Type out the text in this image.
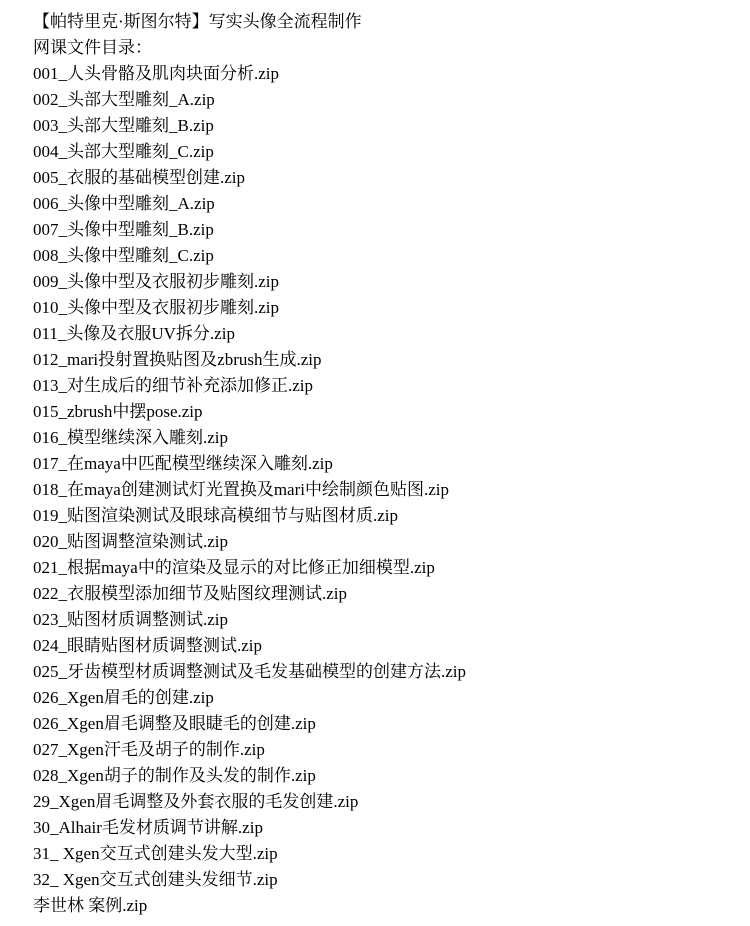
【帕特里克·斯图尔特】写实头像全流程制作
网课文件目录：
001_人头骨骼及肌肉块面分析.zip
002_头部大型雕刻_A.zip
003_头部大型雕刻_B.zip
004_头部大型雕刻_C.zip
005_衣服的基础模型创建.zip
006_头像中型雕刻_A.zip
007_头像中型雕刻_B.zip
008_头像中型雕刻_C.zip
009_头像中型及衣服初步雕刻.zip
010_头像中型及衣服初步雕刻.zip
011_头像及衣服UV拆分.zip
012_mari投射置换贴图及zbrush生成.zip
013_对生成后的细节补充添加修正.zip
015_zbrush中摆pose.zip
016_模型继续深入雕刻.zip
017_在maya中匹配模型继续深入雕刻.zip
018_在maya创建测试灯光置换及mari中绘制颜色贴图.zip
019_贴图渲染测试及眼球高模细节与贴图材质.zip
020_贴图调整渲染测试.zip
021_根据maya中的渲染及显示的对比修正加细模型.zip
022_衣服模型添加细节及贴图纹理测试.zip
023_贴图材质调整测试.zip
024_眼睛贴图材质调整测试.zip
025_牙齿模型材质调整测试及毛发基础模型的创建方法.zip
026_Xgen眉毛的创建.zip
026_Xgen眉毛调整及眼睫毛的创建.zip
027_Xgen汗毛及胡子的制作.zip
028_Xgen胡子的制作及头发的制作.zip
29_Xgen眉毛调整及外套衣服的毛发创建.zip
30_Alhair毛发材质调节讲解.zip
31_ Xgen交互式创建头发大型.zip
32_ Xgen交互式创建头发细节.zip
李世林 案例.zip
